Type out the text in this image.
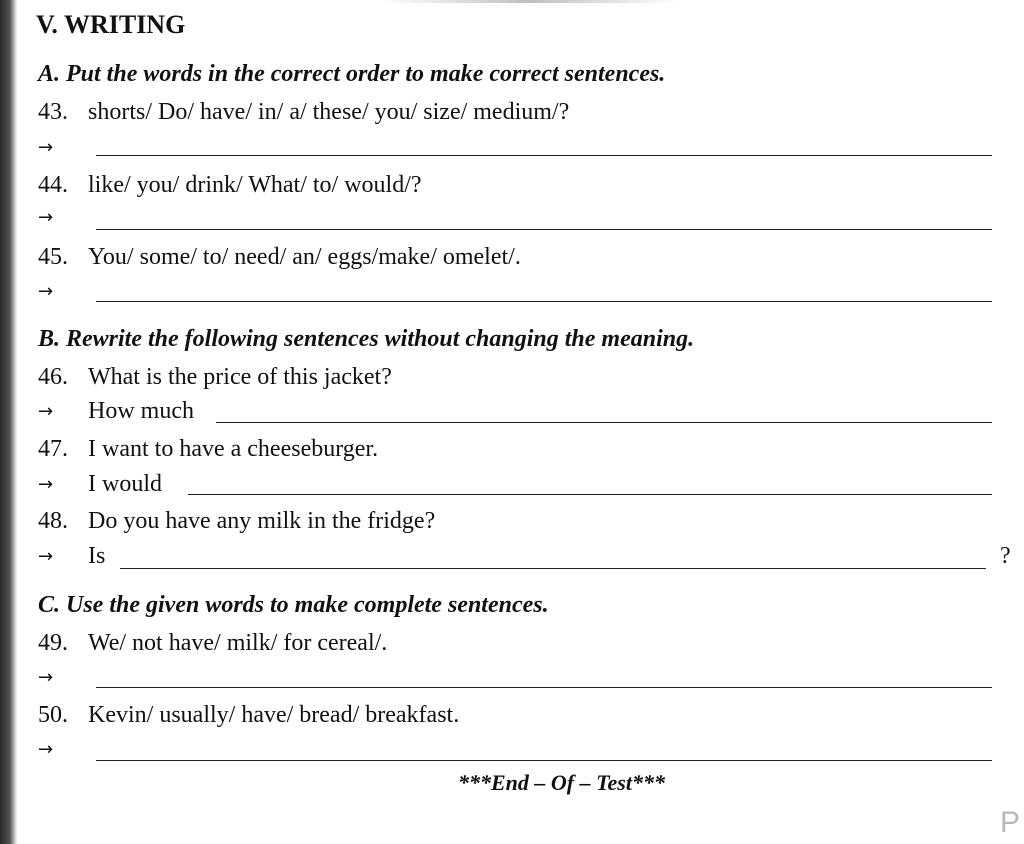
V. WRITING
A. Put the words in the correct order to make correct sentences.
43. shorts/ Do/ have/ in/ a/ these/ you/ size/ medium/?
→
44. like/ you/ drink/ What/ to/ would/?
→
45. You/ some/ to/ need/ an/ eggs/make/ omelet/.
→
B. Rewrite the following sentences without changing the meaning.
46. What is the price of this jacket?
→ How much
47. I want to have a cheeseburger.
→ I would
48. Do you have any milk in the fridge?
→ Is	?
C. Use the given words to make complete sentences.
49. We/ not have/ milk/ for cereal/.
→
50. Kevin/ usually/ have/ bread/ breakfast.
→
***End – Of – Test***
P
